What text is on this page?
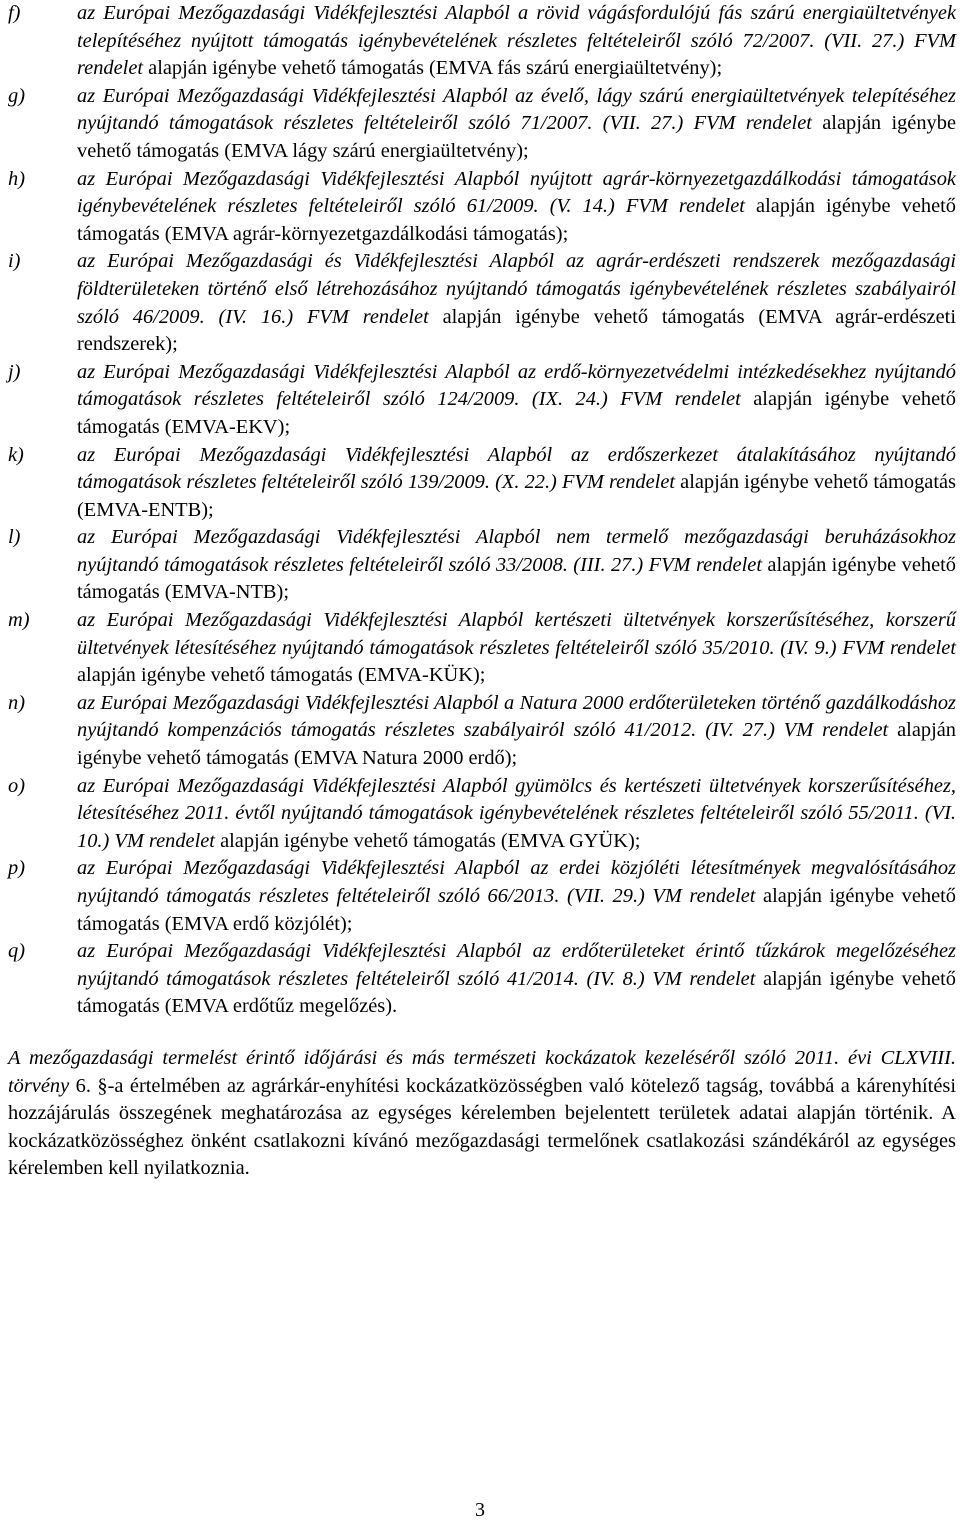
f)	az Európai Mezőgazdasági Vidékfejlesztési Alapból a rövid vágásfordulójú fás szárú energiaültetvények telepítéséhez nyújtott támogatás igénybevételének részletes feltételeiről szóló 72/2007. (VII. 27.) FVM rendelet alapján igénybe vehető támogatás (EMVA fás szárú energiaültetvény);
g)	az Európai Mezőgazdasági Vidékfejlesztési Alapból az évelő, lágy szárú energiaültetvények telepítéséhez nyújtandó támogatások részletes feltételeiről szóló 71/2007. (VII. 27.) FVM rendelet alapján igénybe vehető támogatás (EMVA lágy szárú energiaültetvény);
h)	az Európai Mezőgazdasági Vidékfejlesztési Alapból nyújtott agrár-környezetgazdálkodási támogatások igénybevételének részletes feltételeiről szóló 61/2009. (V. 14.) FVM rendelet alapján igénybe vehető támogatás (EMVA agrár-környezetgazdálkodási támogatás);
i)	az Európai Mezőgazdasági és Vidékfejlesztési Alapból az agrár-erdészeti rendszerek mezőgazdasági földterületeken történő első létrehozásához nyújtandó támogatás igénybevételének részletes szabályairól szóló 46/2009. (IV. 16.) FVM rendelet alapján igénybe vehető támogatás (EMVA agrár-erdészeti rendszerek);
j)	az Európai Mezőgazdasági Vidékfejlesztési Alapból az erdő-környezetvédelmi intézkedésekhez nyújtandó támogatások részletes feltételeiről szóló 124/2009. (IX. 24.) FVM rendelet alapján igénybe vehető támogatás (EMVA-EKV);
k)	az Európai Mezőgazdasági Vidékfejlesztési Alapból az erdőszerkezet átalakításához nyújtandó támogatások részletes feltételeiről szóló 139/2009. (X. 22.) FVM rendelet alapján igénybe vehető támogatás (EMVA-ENTB);
l)	az Európai Mezőgazdasági Vidékfejlesztési Alapból nem termelő mezőgazdasági beruházásokhoz nyújtandó támogatások részletes feltételeiről szóló 33/2008. (III. 27.) FVM rendelet alapján igénybe vehető támogatás (EMVA-NTB);
m)	az Európai Mezőgazdasági Vidékfejlesztési Alapból kertészeti ültetvények korszerűsítéséhez, korszerű ültetvények létesítéséhez nyújtandó támogatások részletes feltételeiről szóló 35/2010. (IV. 9.) FVM rendelet alapján igénybe vehető támogatás (EMVA-KÜK);
n)	az Európai Mezőgazdasági Vidékfejlesztési Alapból a Natura 2000 erdőterületeken történő gazdálkodáshoz nyújtandó kompenzációs támogatás részletes szabályairól szóló 41/2012. (IV. 27.) VM rendelet alapján igénybe vehető támogatás (EMVA Natura 2000 erdő);
o)	az Európai Mezőgazdasági Vidékfejlesztési Alapból gyümölcs és kertészeti ültetvények korszerűsítéséhez, létesítéséhez 2011. évtől nyújtandó támogatások igénybevételének részletes feltételeiről szóló 55/2011. (VI. 10.) VM rendelet alapján igénybe vehető támogatás (EMVA GYÜK);
p)	az Európai Mezőgazdasági Vidékfejlesztési Alapból az erdei közjóléti létesítmények megvalósításához nyújtandó támogatás részletes feltételeiről szóló 66/2013. (VII. 29.) VM rendelet alapján igénybe vehető támogatás (EMVA erdő közjólét);
q)	az Európai Mezőgazdasági Vidékfejlesztési Alapból az erdőterületeket érintő tűzkárok megelőzéséhez nyújtandó támogatások részletes feltételeiről szóló 41/2014. (IV. 8.) VM rendelet alapján igénybe vehető támogatás (EMVA erdőtűz megelőzés).

A mezőgazdasági termelést érintő időjárási és más természeti kockázatok kezeléséről szóló 2011. évi CLXVIII. törvény 6. §-a értelmében az agrárkár-enyhítési kockázatközösségben való kötelező tagság, továbbá a kárenyhítési hozzájárulás összegének meghatározása az egységes kérelemben bejelentett területek adatai alapján történik. A kockázatközösséghez önként csatlakozni kívánó mezőgazdasági termelőnek csatlakozási szándékáról az egységes kérelemben kell nyilatkoznia.

3
